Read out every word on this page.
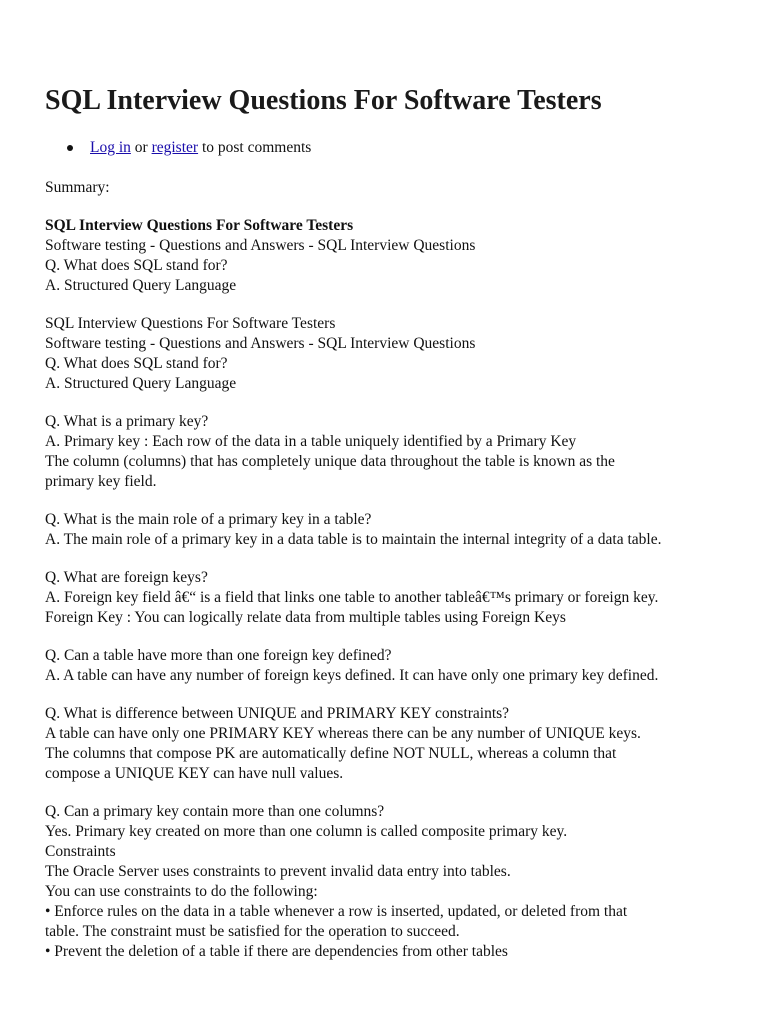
SQL Interview Questions For Software Testers
Log in or register to post comments

Summary:

SQL Interview Questions For Software Testers
Software testing - Questions and Answers - SQL Interview Questions
Q. What does SQL stand for?
A. Structured Query Language

SQL Interview Questions For Software Testers
Software testing - Questions and Answers - SQL Interview Questions
Q. What does SQL stand for?
A. Structured Query Language

Q. What is a primary key?
A. Primary key : Each row of the data in a table uniquely identified by a Primary Key
The column (columns) that has completely unique data throughout the table is known as the
primary key field.

Q. What is the main role of a primary key in a table?
A. The main role of a primary key in a data table is to maintain the internal integrity of a data table.

Q. What are foreign keys?
A. Foreign key field â€“ is a field that links one table to another tableâ€™s primary or foreign key.
Foreign Key : You can logically relate data from multiple tables using Foreign Keys

Q. Can a table have more than one foreign key defined?
A. A table can have any number of foreign keys defined. It can have only one primary key defined.

Q. What is difference between UNIQUE and PRIMARY KEY constraints?
A table can have only one PRIMARY KEY whereas there can be any number of UNIQUE keys.
The columns that compose PK are automatically define NOT NULL, whereas a column that
compose a UNIQUE KEY can have null values.

Q. Can a primary key contain more than one columns?
Yes. Primary key created on more than one column is called composite primary key.
Constraints
The Oracle Server uses constraints to prevent invalid data entry into tables.
You can use constraints to do the following:
• Enforce rules on the data in a table whenever a row is inserted, updated, or deleted from that
table. The constraint must be satisfied for the operation to succeed.
• Prevent the deletion of a table if there are dependencies from other tables
